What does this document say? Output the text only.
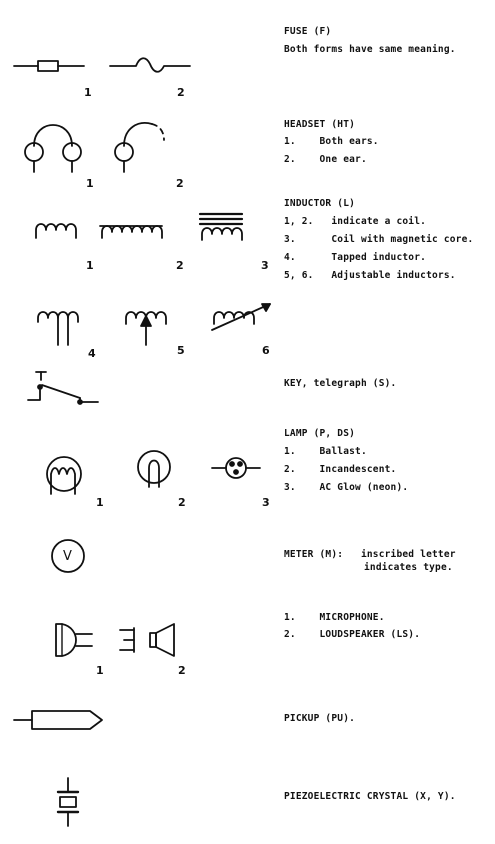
V
1	2
1	2
1	2	3
4	5	6
1	2	3
1	2
FUSE (F)
Both forms have same meaning.
HEADSET (HT)
1.    Both ears.
2.    One ear.
INDUCTOR (L)
1, 2.   indicate a coil.
3.      Coil with magnetic core.
4.      Tapped inductor.
5, 6.   Adjustable inductors.
KEY, telegraph (S).
LAMP (P, DS)
1.    Ballast.
2.    Incandescent.
3.    AC Glow (neon).
METER (M):   inscribed letter
indicates type.
1.    MICROPHONE.
2.    LOUDSPEAKER (LS).
PICKUP (PU).
PIEZOELECTRIC CRYSTAL (X, Y).
